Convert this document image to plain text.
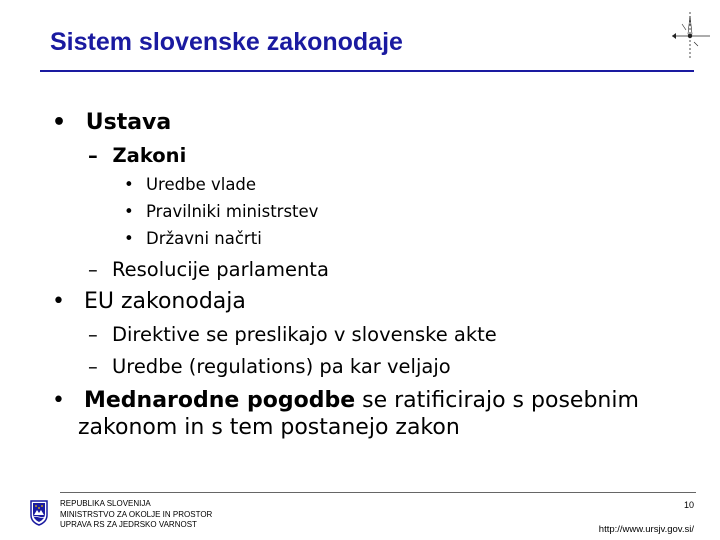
Sistem slovenske zakonodaje
• Ustava
– Zakoni
• Uredbe vlade
• Pravilniki ministrstev
• Državni načrti
– Resolucije parlamenta
• EU zakonodaja
– Direktive se preslikajo v slovenske akte
– Uredbe (regulations) pa kar veljajo
• Mednarodne pogodbe se ratificirajo s posebnim
zakonom in s tem postanejo zakon
REPUBLIKA SLOVENIJA
MINISTRSTVO ZA OKOLJE IN PROSTOR
UPRAVA RS ZA JEDRSKO VARNOST
10
http://www.ursjv.gov.si/
